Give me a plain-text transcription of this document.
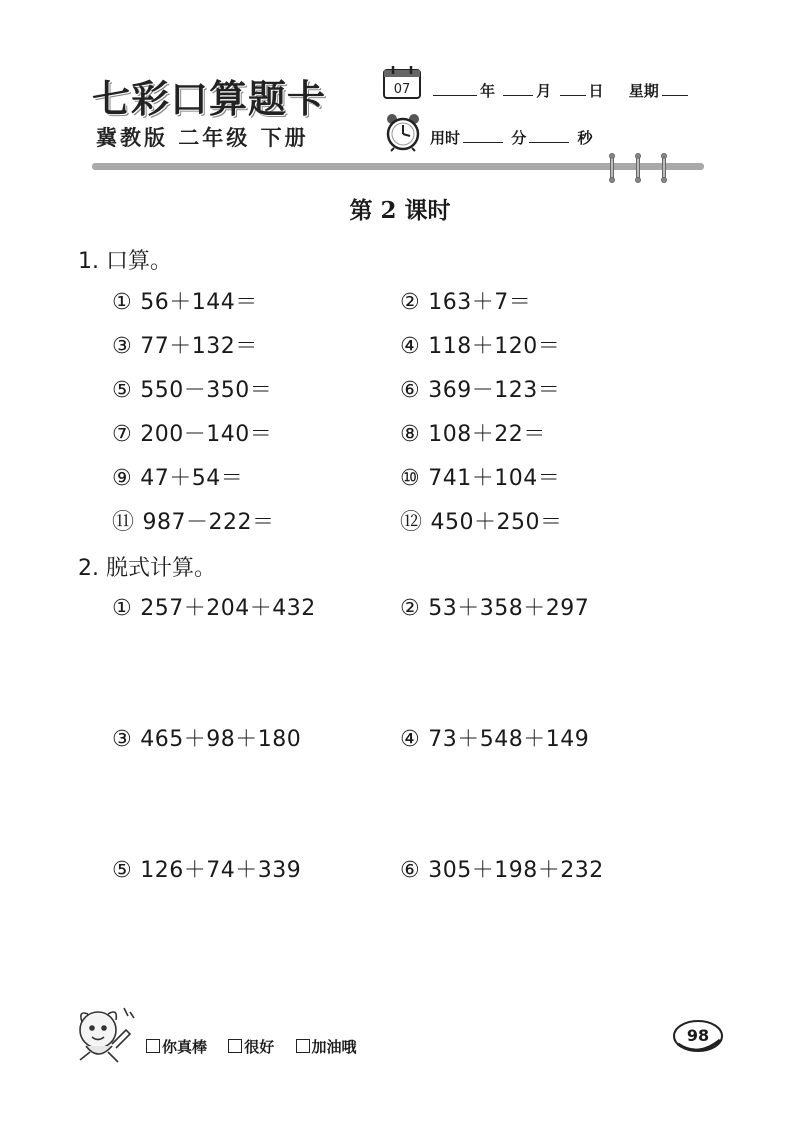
七彩口算题卡
冀教版 二年级 下册
07	年	月 日 星期
用时	分	秒
第 2 课时
1. 口算。
① 56＋144＝	② 163＋7＝
③ 77＋132＝	④ 118＋120＝
⑤ 550－350＝	⑥ 369－123＝
⑦ 200－140＝	⑧ 108＋22＝
⑨ 47＋54＝	⑩ 741＋104＝
⑪ 987－222＝	⑫ 450＋250＝
2. 脱式计算。
① 257＋204＋432	② 53＋358＋297
③ 465＋98＋180	④ 73＋548＋149
⑤ 126＋74＋339	⑥ 305＋198＋232
你真棒 很好 加油哦
98
